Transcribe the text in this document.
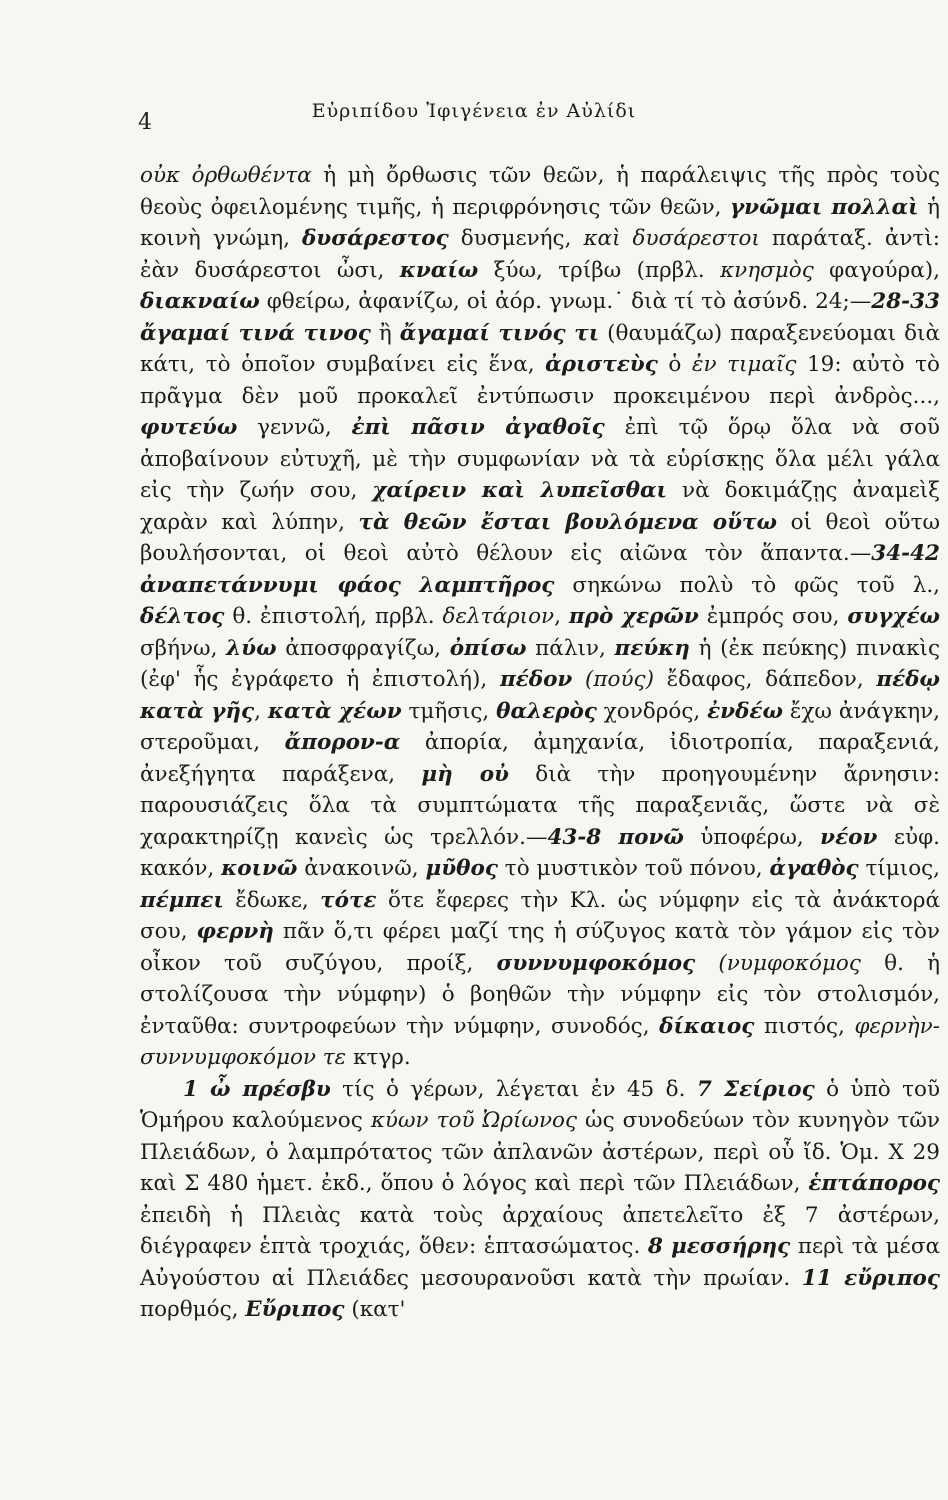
4	Εὐριπίδου Ἰφιγένεια ἐν Αὐλίδι

οὐκ ὀρθωθέντα ἡ μὴ ὄρθωσις τῶν θεῶν, ἡ παράλειψις τῆς πρὸς τοὺς θεοὺς ὀφειλομένης τιμῆς, ἡ περιφρόνησις τῶν θεῶν, γνῶμαι πολλαὶ ἡ κοινὴ γνώμη, δυσάρεστος δυσμενής, καὶ δυσάρεστοι παράταξ. ἀντὶ: ἐὰν δυσάρεστοι ὦσι, κναίω ξύω, τρίβω (πρβλ. κνησμὸς φαγούρα), διακναίω φθείρω, ἀφανίζω, οἱ ἀόρ. γνωμ.˙ διὰ τί τὸ ἀσύνδ. 24;—28-33 ἄγαμαί τινά τινος ἢ ἄγαμαί τινός τι (θαυμάζω) παραξενεύομαι διὰ κάτι, τὸ ὁποῖον συμβαίνει εἰς ἕνα, ἀριστεὺς ὁ ἐν τιμαῖς 19: αὐτὸ τὸ πρᾶγμα δὲν μοῦ προκαλεῖ ἐντύπωσιν προκειμένου περὶ ἀνδρὸς..., φυτεύω γεννῶ, ἐπὶ πᾶσιν ἀγαθοῖς ἐπὶ τῷ ὅρῳ ὅλα νὰ σοῦ ἀποβαίνουν εὐτυχῆ, μὲ τὴν συμφωνίαν νὰ τὰ εὑρίσκῃς ὅλα μέλι γάλα εἰς τὴν ζωήν σου, χαίρειν καὶ λυπεῖσθαι νὰ δοκιμάζῃς ἀναμεὶξ χαρὰν καὶ λύπην, τὰ θεῶν ἔσται βουλόμενα οὕτω οἱ θεοὶ οὕτω βουλήσονται, οἱ θεοὶ αὐτὸ θέλουν εἰς αἰῶνα τὸν ἅπαντα.—34-42 ἀναπετάννυμι φάος λαμπτῆρος σηκώνω πολὺ τὸ φῶς τοῦ λ., δέλτος θ. ἐπιστολή, πρβλ. δελτάριον, πρὸ χερῶν ἐμπρός σου, συγχέω σβήνω, λύω ἀποσφραγίζω, ὀπίσω πάλιν, πεύκη ἡ (ἐκ πεύκης) πινακὶς (ἐφ' ἧς ἐγράφετο ἡ ἐπιστολή), πέδον (πούς) ἔδαφος, δάπεδον, πέδῳ κατὰ γῆς, κατὰ χέων τμῆσις, θαλερὸς χονδρός, ἐνδέω ἔχω ἀνάγκην, στεροῦμαι, ἄπορον-α ἀπορία, ἀμηχανία, ἰδιοτροπία, παραξενιά, ἀνεξήγητα παράξενα, μὴ οὐ διὰ τὴν προηγουμένην ἄρνησιν: παρουσιάζεις ὅλα τὰ συμπτώματα τῆς παραξενιᾶς, ὥστε νὰ σὲ χαρακτηρίζῃ κανεὶς ὡς τρελλόν.—43-8 πονῶ ὑποφέρω, νέον εὐφ. κακόν, κοινῶ ἀνακοινῶ, μῦθος τὸ μυστικὸν τοῦ πόνου, ἀγαθὸς τίμιος, πέμπει ἔδωκε, τότε ὅτε ἔφερες τὴν Κλ. ὡς νύμφην εἰς τὰ ἀνάκτορά σου, φερνὴ πᾶν ὅ,τι φέρει μαζί της ἡ σύζυγος κατὰ τὸν γάμον εἰς τὸν οἶκον τοῦ συζύγου, προίξ, συννυμφοκόμος (νυμφοκόμος θ. ἡ στολίζουσα τὴν νύμφην) ὁ βοηθῶν τὴν νύμφην εἰς τὸν στολισμόν, ἐνταῦθα: συντροφεύων τὴν νύμφην, συνοδός, δίκαιος πιστός, φερνὴν-συννυμφοκόμον τε κτγρ.

1 ὦ πρέσβυ τίς ὁ γέρων, λέγεται ἐν 45 δ. 7 Σείριος ὁ ὑπὸ τοῦ Ὁμήρου καλούμενος κύων τοῦ Ὠρίωνος ὡς συνοδεύων τὸν κυνηγὸν τῶν Πλειάδων, ὁ λαμπρότατος τῶν ἀπλανῶν ἀστέρων, περὶ οὗ ἴδ. Ὁμ. Χ 29 καὶ Σ 480 ἡμετ. ἐκδ., ὅπου ὁ λόγος καὶ περὶ τῶν Πλειάδων, ἑπτάπορος ἐπειδὴ ἡ Πλειὰς κατὰ τοὺς ἀρχαίους ἀπετελεῖτο ἐξ 7 ἀστέρων, διέγραφεν ἑπτὰ τροχιάς, ὅθεν: ἑπτασώματος. 8 μεσσήρης περὶ τὰ μέσα Αὐγούστου αἱ Πλειάδες μεσουρανοῦσι κατὰ τὴν πρωίαν. 11 εὔριπος πορθμός, Εὔριπος (κατ'
